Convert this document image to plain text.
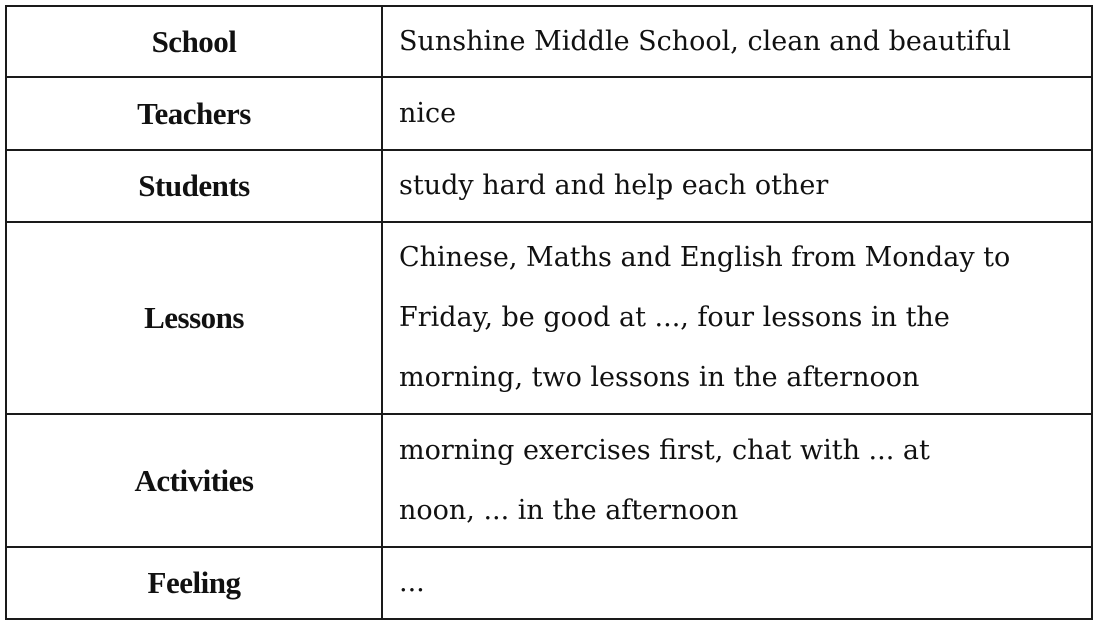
School	Sunshine Middle School, clean and beautiful
Teachers	nice
Students	study hard and help each other
Lessons	Chinese, Maths and English from Monday to
Friday, be good at ..., four lessons in the
morning, two lessons in the afternoon
Activities	morning exercises first, chat with ... at
noon, ... in the afternoon
Feeling	...
